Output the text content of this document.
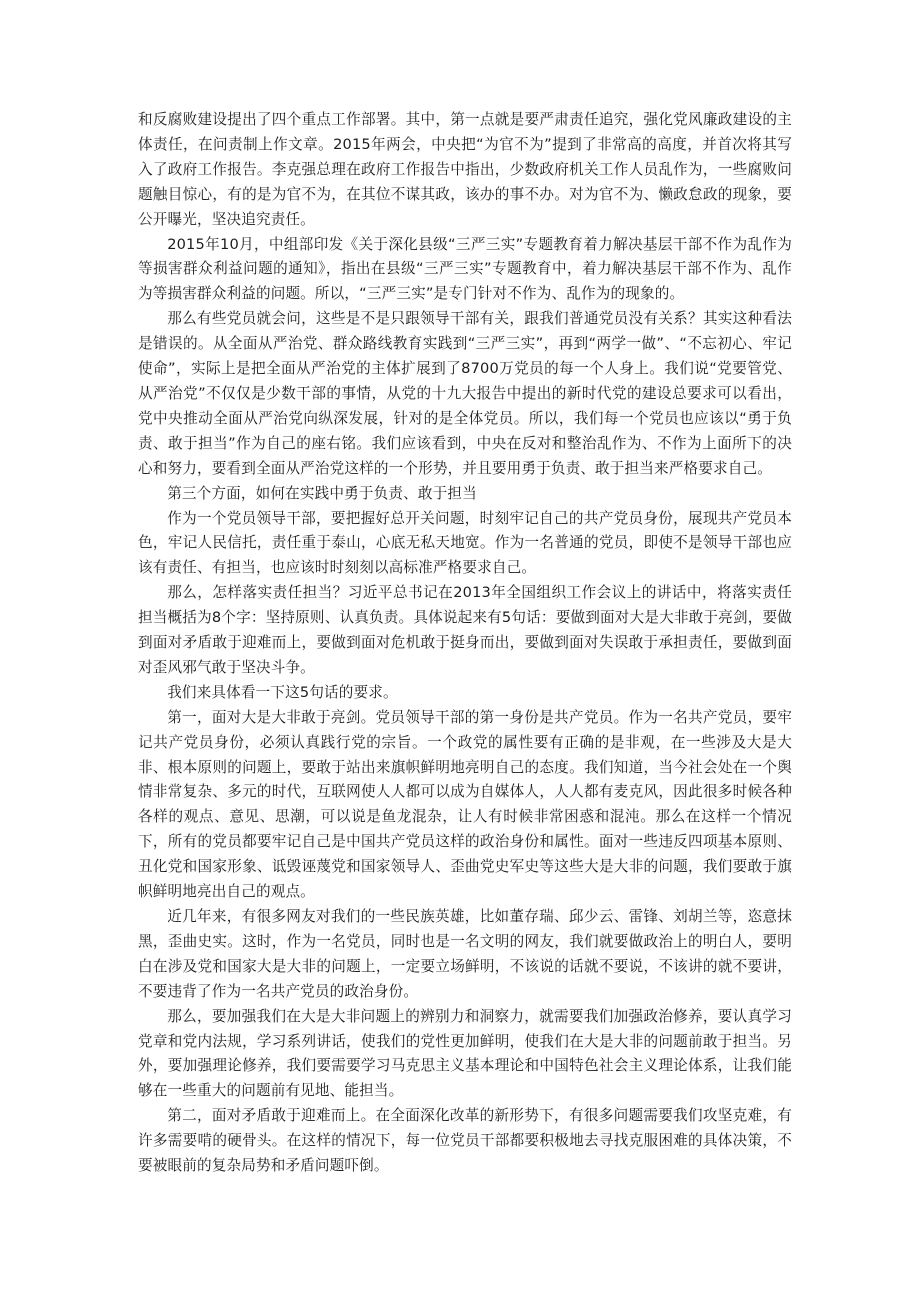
和反腐败建设提出了四个重点工作部署。其中，第一点就是要严肃责任追究，强化党风廉政建设的主体责任，在问责制上作文章。2015年两会，中央把“为官不为”提到了非常高的高度，并首次将其写入了政府工作报告。李克强总理在政府工作报告中指出，少数政府机关工作人员乱作为，一些腐败问题触目惊心，有的是为官不为，在其位不谋其政，该办的事不办。对为官不为、懒政怠政的现象，要公开曝光，坚决追究责任。

2015年10月，中组部印发《关于深化县级“三严三实”专题教育着力解决基层干部不作为乱作为等损害群众利益问题的通知》，指出在县级“三严三实”专题教育中，着力解决基层干部不作为、乱作为等损害群众利益的问题。所以，“三严三实”是专门针对不作为、乱作为的现象的。

那么有些党员就会问，这些是不是只跟领导干部有关，跟我们普通党员没有关系？其实这种看法是错误的。从全面从严治党、群众路线教育实践到“三严三实”，再到“两学一做”、“不忘初心、牢记使命”，实际上是把全面从严治党的主体扩展到了8700万党员的每一个人身上。我们说“党要管党、从严治党”不仅仅是少数干部的事情，从党的十九大报告中提出的新时代党的建设总要求可以看出，党中央推动全面从严治党向纵深发展，针对的是全体党员。所以，我们每一个党员也应该以“勇于负责、敢于担当”作为自己的座右铭。我们应该看到，中央在反对和整治乱作为、不作为上面所下的决心和努力，要看到全面从严治党这样的一个形势，并且要用勇于负责、敢于担当来严格要求自己。

第三个方面，如何在实践中勇于负责、敢于担当

作为一个党员领导干部，要把握好总开关问题，时刻牢记自己的共产党员身份，展现共产党员本色，牢记人民信托，责任重于泰山，心底无私天地宽。作为一名普通的党员，即使不是领导干部也应该有责任、有担当，也应该时时刻刻以高标准严格要求自己。

那么，怎样落实责任担当？习近平总书记在2013年全国组织工作会议上的讲话中，将落实责任担当概括为8个字：坚持原则、认真负责。具体说起来有5句话：要做到面对大是大非敢于亮剑，要做到面对矛盾敢于迎难而上，要做到面对危机敢于挺身而出，要做到面对失误敢于承担责任，要做到面对歪风邪气敢于坚决斗争。

我们来具体看一下这5句话的要求。

第一，面对大是大非敢于亮剑。党员领导干部的第一身份是共产党员。作为一名共产党员，要牢记共产党员身份，必须认真践行党的宗旨。一个政党的属性要有正确的是非观，在一些涉及大是大非、根本原则的问题上，要敢于站出来旗帜鲜明地亮明自己的态度。我们知道，当今社会处在一个舆情非常复杂、多元的时代，互联网使人人都可以成为自媒体人，人人都有麦克风，因此很多时候各种各样的观点、意见、思潮，可以说是鱼龙混杂，让人有时候非常困惑和混沌。那么在这样一个情况下，所有的党员都要牢记自己是中国共产党员这样的政治身份和属性。面对一些违反四项基本原则、丑化党和国家形象、诋毁诬蔑党和国家领导人、歪曲党史军史等这些大是大非的问题，我们要敢于旗帜鲜明地亮出自己的观点。

近几年来，有很多网友对我们的一些民族英雄，比如董存瑞、邱少云、雷锋、刘胡兰等，恣意抹黑，歪曲史实。这时，作为一名党员，同时也是一名文明的网友，我们就要做政治上的明白人，要明白在涉及党和国家大是大非的问题上，一定要立场鲜明，不该说的话就不要说，不该讲的就不要讲，不要违背了作为一名共产党员的政治身份。

那么，要加强我们在大是大非问题上的辨别力和洞察力，就需要我们加强政治修养，要认真学习党章和党内法规，学习系列讲话，使我们的党性更加鲜明，使我们在大是大非的问题前敢于担当。另外，要加强理论修养，我们要需要学习马克思主义基本理论和中国特色社会主义理论体系，让我们能够在一些重大的问题前有见地、能担当。

第二，面对矛盾敢于迎难而上。在全面深化改革的新形势下，有很多问题需要我们攻坚克难，有许多需要啃的硬骨头。在这样的情况下，每一位党员干部都要积极地去寻找克服困难的具体决策，不要被眼前的复杂局势和矛盾问题吓倒。
